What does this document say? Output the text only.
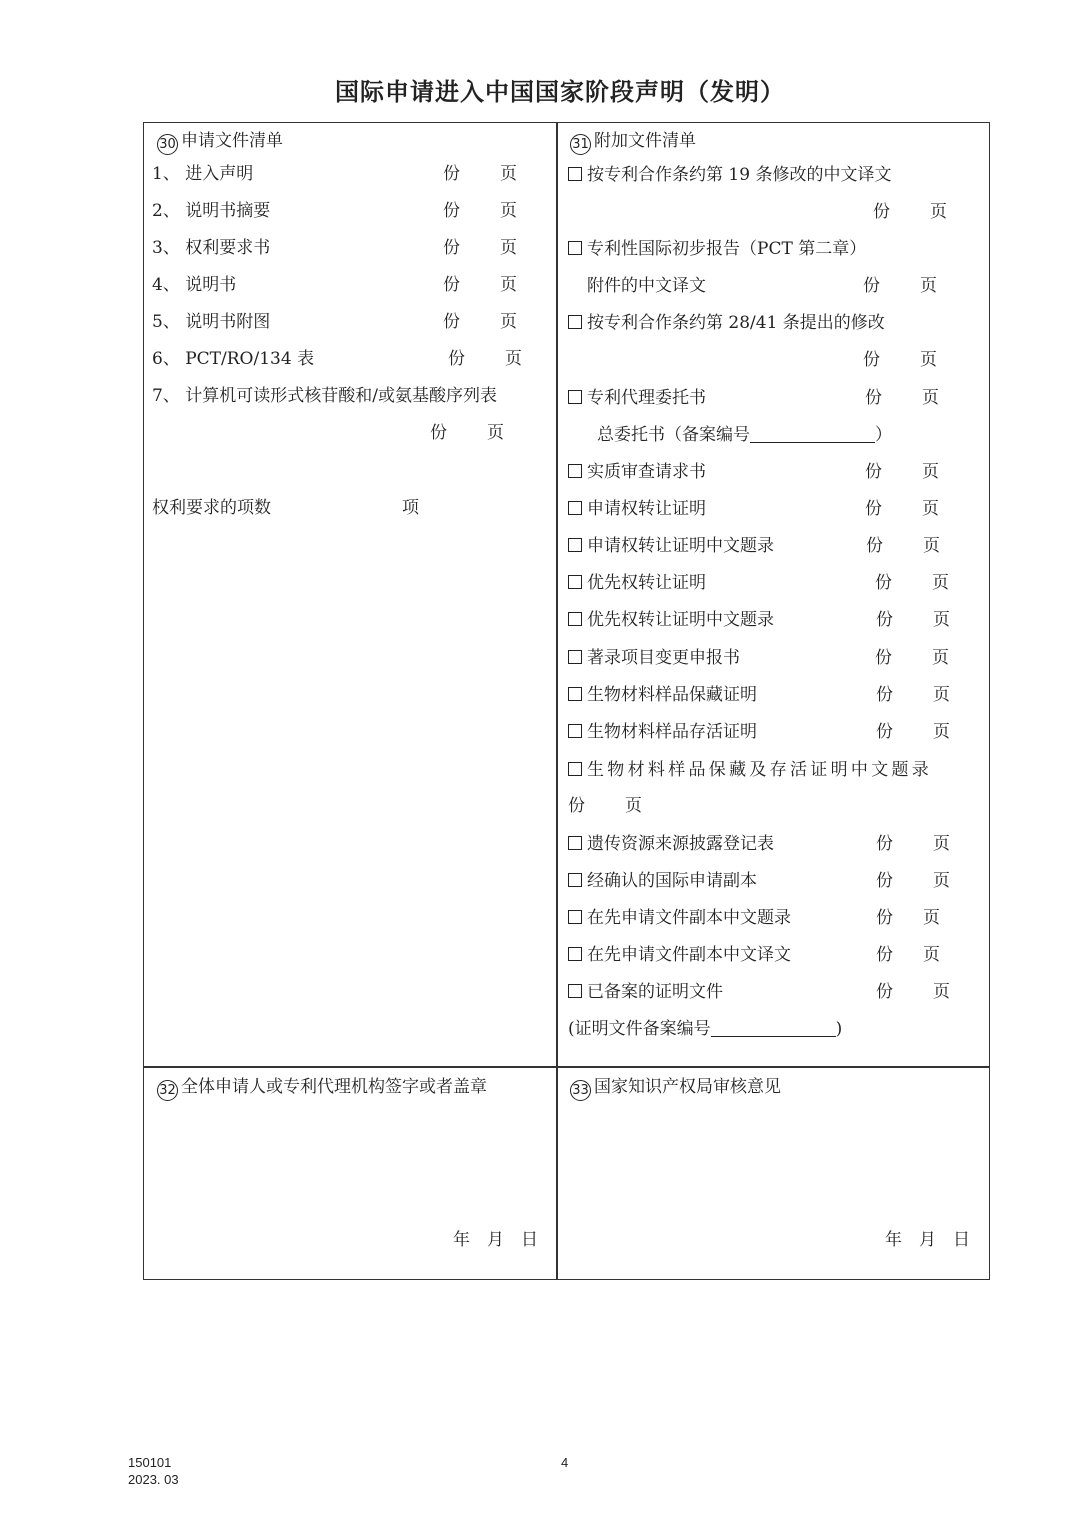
国际申请进入中国国家阶段声明（发明）
30 申请文件清单
1、 进入声明	份 页
2、 说明书摘要	份 页
3、 权利要求书	份 页
4、 说明书	份 页
5、 说明书附图	份 页
6、 PCT/RO/134 表	份 页
7、 计算机可读形式核苷酸和/或氨基酸序列表
份 页
权利要求的项数	项
31 附加文件清单
按专利合作条约第 19 条修改的中文译文
份 页
专利性国际初步报告（PCT 第二章）
附件的中文译文	份 页
按专利合作条约第 28/41 条提出的修改
份 页
专利代理委托书	份 页
总委托书（备案编号	）
实质审查请求书	份 页
申请权转让证明	份 页
申请权转让证明中文题录	份 页
优先权转让证明	份 页
优先权转让证明中文题录	份 页
著录项目变更申报书	份 页
生物材料样品保藏证明	份 页
生物材料样品存活证明	份 页
生物材料样品保藏及存活证明中文题录
份 页
遗传资源来源披露登记表	份 页
经确认的国际申请副本	份 页
在先申请文件副本中文题录	份 页
在先申请文件副本中文译文	份 页
已备案的证明文件	份 页
(证明文件备案编号	)
32 全体申请人或专利代理机构签字或者盖章
年　 月　 日
33 国家知识产权局审核意见
年　 月　 日
150101
2023. 03
4
